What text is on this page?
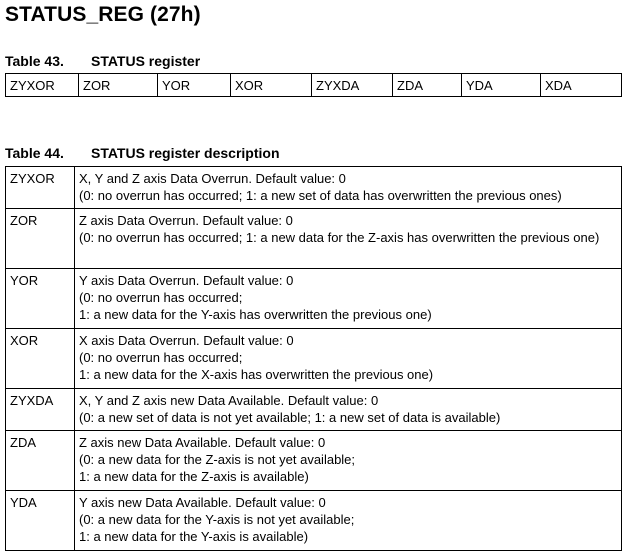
STATUS_REG (27h)
Table 43. STATUS register
ZYXOR	ZOR	YOR	XOR	ZYXDA	ZDA	YDA	XDA
Table 44. STATUS register description
ZYXOR	X, Y and Z axis Data Overrun. Default value: 0
(0: no overrun has occurred; 1: a new set of data has overwritten the previous ones)

ZOR	Z axis Data Overrun. Default value: 0
(0: no overrun has occurred; 1: a new data for the Z-axis has overwritten the previous one)

YOR	Y axis Data Overrun. Default value: 0
(0: no overrun has occurred;
1: a new data for the Y-axis has overwritten the previous one)

XOR	X axis Data Overrun. Default value: 0
(0: no overrun has occurred;
1: a new data for the X-axis has overwritten the previous one)

ZYXDA	X, Y and Z axis new Data Available. Default value: 0
(0: a new set of data is not yet available; 1: a new set of data is available)

ZDA	Z axis new Data Available. Default value: 0
(0: a new data for the Z-axis is not yet available;
1: a new data for the Z-axis is available)

YDA	Y axis new Data Available. Default value: 0
(0: a new data for the Y-axis is not yet available;
1: a new data for the Y-axis is available)
